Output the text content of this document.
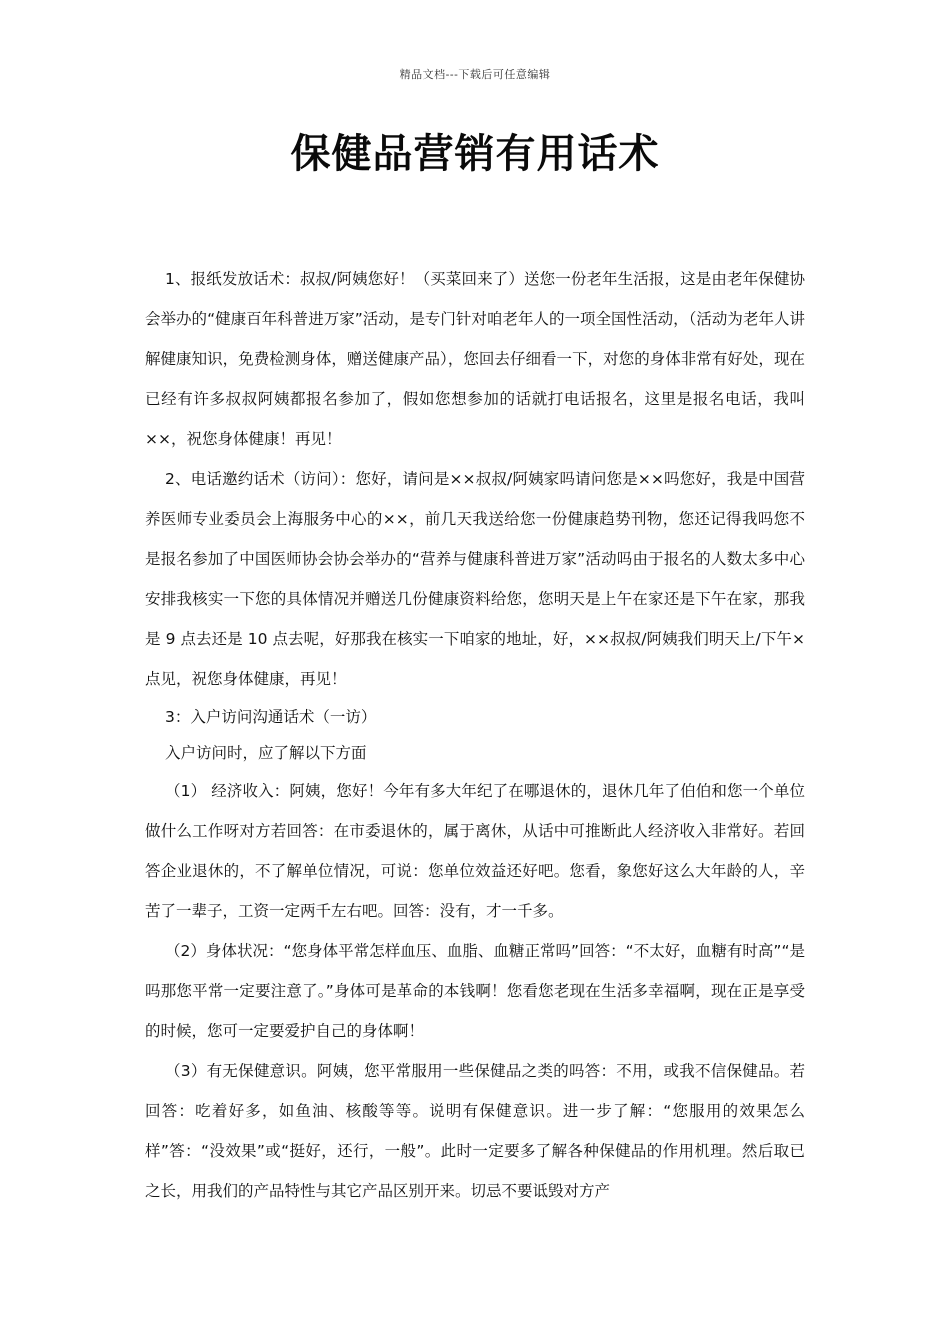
精品文档---下载后可任意编辑
保健品营销有用话术

1、报纸发放话术：叔叔/阿姨您好！（买菜回来了）送您一份老年生活报，这是由老年保健协会举办的“健康百年科普进万家”活动，是专门针对咱老年人的一项全国性活动，（活动为老年人讲解健康知识，免费检测身体，赠送健康产品），您回去仔细看一下，对您的身体非常有好处，现在已经有许多叔叔阿姨都报名参加了，假如您想参加的话就打电话报名，这里是报名电话，我叫××，祝您身体健康！再见！

2、电话邀约话术（访问）：您好，请问是××叔叔/阿姨家吗请问您是××吗您好，我是中国营养医师专业委员会上海服务中心的××，前几天我送给您一份健康趋势刊物，您还记得我吗您不是报名参加了中国医师协会协会举办的“营养与健康科普进万家”活动吗由于报名的人数太多中心安排我核实一下您的具体情况并赠送几份健康资料给您，您明天是上午在家还是下午在家，那我是 9 点去还是 10 点去呢，好那我在核实一下咱家的地址，好，××叔叔/阿姨我们明天上/下午×点见，祝您身体健康，再见！

3：入户访问沟通话术（一访）

入户访问时，应了解以下方面

（1） 经济收入：阿姨，您好！今年有多大年纪了在哪退休的，退休几年了伯伯和您一个单位做什么工作呀对方若回答：在市委退休的，属于离休，从话中可推断此人经济收入非常好。若回答企业退休的，不了解单位情况，可说：您单位效益还好吧。您看，象您好这么大年龄的人，辛苦了一辈子，工资一定两千左右吧。回答：没有，才一千多。

（2）身体状况：“您身体平常怎样血压、血脂、血糖正常吗”回答：“不太好，血糖有时高”“是吗那您平常一定要注意了。”身体可是革命的本钱啊！您看您老现在生活多幸福啊，现在正是享受的时候，您可一定要爱护自己的身体啊！

（3）有无保健意识。阿姨，您平常服用一些保健品之类的吗答：不用，或我不信保健品。若回答：吃着好多，如鱼油、核酸等等。说明有保健意识。进一步了解：“您服用的效果怎么样”答：“没效果”或“挺好，还行，一般”。此时一定要多了解各种保健品的作用机理。然后取已之长，用我们的产品特性与其它产品区别开来。切忌不要诋毁对方产
